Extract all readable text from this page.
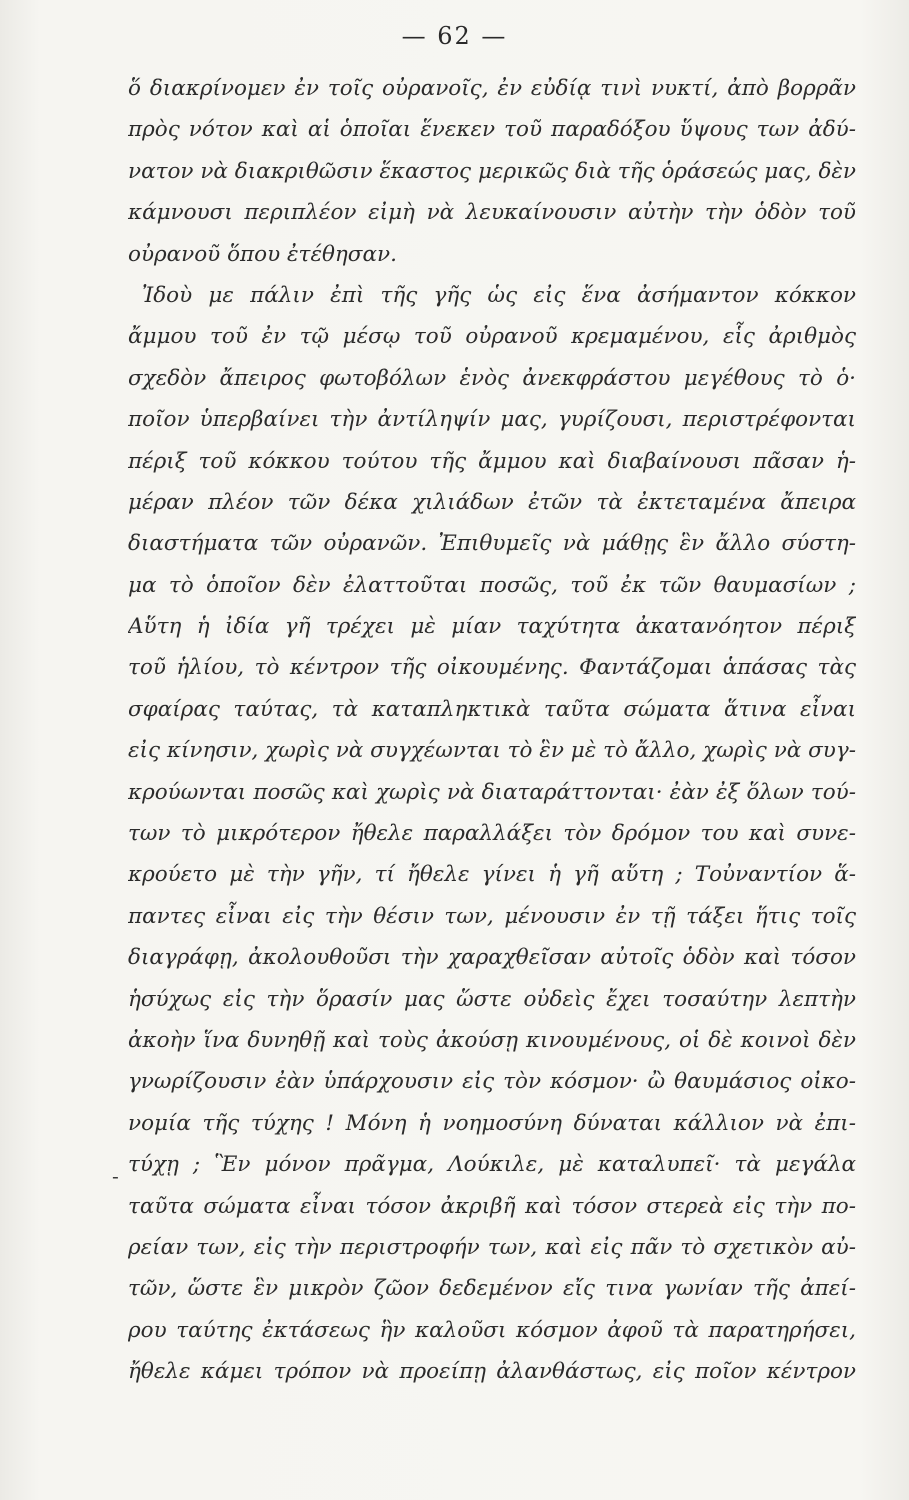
— 62 —
-
ὅ διακρίνομεν ἐν τοῖς οὐρανοῖς, ἐν εὐδίᾳ τινὶ νυκτί, ἀπὸ βορρᾶν
πρὸς νότον καὶ αἱ ὁποῖαι ἕνεκεν τοῦ παραδόξου ὕψους των ἀδύ-
νατον νὰ διακριθῶσιν ἕκαστος μερικῶς διὰ τῆς ὁράσεώς μας, δὲν
κάμνουσι περιπλέον εἰμὴ νὰ λευκαίνουσιν αὐτὴν τὴν ὁδὸν τοῦ
οὐρανοῦ ὅπου ἐτέθησαν.
Ἰδοὺ με πάλιν ἐπὶ τῆς γῆς ὡς εἰς ἕνα ἀσήμαντον κόκκον
ἄμμου τοῦ ἐν τῷ μέσῳ τοῦ οὐρανοῦ κρεμαμένου, εἷς ἀριθμὸς
σχεδὸν ἄπειρος φωτοβόλων ἑνὸς ἀνεκφράστου μεγέθους τὸ ὁ·
ποῖον ὑπερβαίνει τὴν ἀντίληψίν μας, γυρίζουσι, περιστρέφονται
πέριξ τοῦ κόκκου τούτου τῆς ἄμμου καὶ διαβαίνουσι πᾶσαν ἡ-
μέραν πλέον τῶν δέκα χιλιάδων ἐτῶν τὰ ἐκτεταμένα ἄπειρα
διαστήματα τῶν οὐρανῶν. Ἐπιθυμεῖς νὰ μάθῃς ἓν ἄλλο σύστη-
μα τὸ ὁποῖον δὲν ἐλαττοῦται ποσῶς, τοῦ ἐκ τῶν θαυμασίων ;
Αὕτη ἡ ἰδία γῆ τρέχει μὲ μίαν ταχύτητα ἀκατανόητον πέριξ
τοῦ ἡλίου, τὸ κέντρον τῆς οἰκουμένης. Φαντάζομαι ἁπάσας τὰς
σφαίρας ταύτας, τὰ καταπληκτικὰ ταῦτα σώματα ἅτινα εἶναι
εἰς κίνησιν, χωρὶς νὰ συγχέωνται τὸ ἓν μὲ τὸ ἄλλο, χωρὶς νὰ συγ-
κρούωνται ποσῶς καὶ χωρὶς νὰ διαταράττονται· ἐὰν ἐξ ὅλων τού-
των τὸ μικρότερον ἤθελε παραλλάξει τὸν δρόμον του καὶ συνε-
κρούετο μὲ τὴν γῆν, τί ἤθελε γίνει ἡ γῆ αὕτη ; Τοὐναντίον ἅ-
παντες εἶναι εἰς τὴν θέσιν των, μένουσιν ἐν τῇ τάξει ἥτις τοῖς
διαγράφῃ, ἀκολουθοῦσι τὴν χαραχθεῖσαν αὐτοῖς ὁδὸν καὶ τόσον
ἡσύχως εἰς τὴν ὅρασίν μας ὥστε οὐδεὶς ἔχει τοσαύτην λεπτὴν
ἀκοὴν ἵνα δυνηθῇ καὶ τοὺς ἀκούσῃ κινουμένους, οἱ δὲ κοινοὶ δὲν
γνωρίζουσιν ἐὰν ὑπάρχουσιν εἰς τὸν κόσμον· ὢ θαυμάσιος οἰκο-
νομία τῆς τύχης ! Μόνη ἡ νοημοσύνη δύναται κάλλιον νὰ ἐπι-
τύχῃ ; Ἓν μόνον πρᾶγμα, Λούκιλε, μὲ καταλυπεῖ· τὰ μεγάλα
ταῦτα σώματα εἶναι τόσον ἀκριβῆ καὶ τόσον στερεὰ εἰς τὴν πο-
ρείαν των, εἰς τὴν περιστροφήν των, καὶ εἰς πᾶν τὸ σχετικὸν αὐ-
τῶν, ὥστε ἓν μικρὸν ζῶον δεδεμένον εἴς τινα γωνίαν τῆς ἀπεί-
ρου ταύτης ἐκτάσεως ἣν καλοῦσι κόσμον ἀφοῦ τὰ παρατηρήσει,
ἤθελε κάμει τρόπον νὰ προείπῃ ἀλανθάστως, εἰς ποῖον κέντρον
